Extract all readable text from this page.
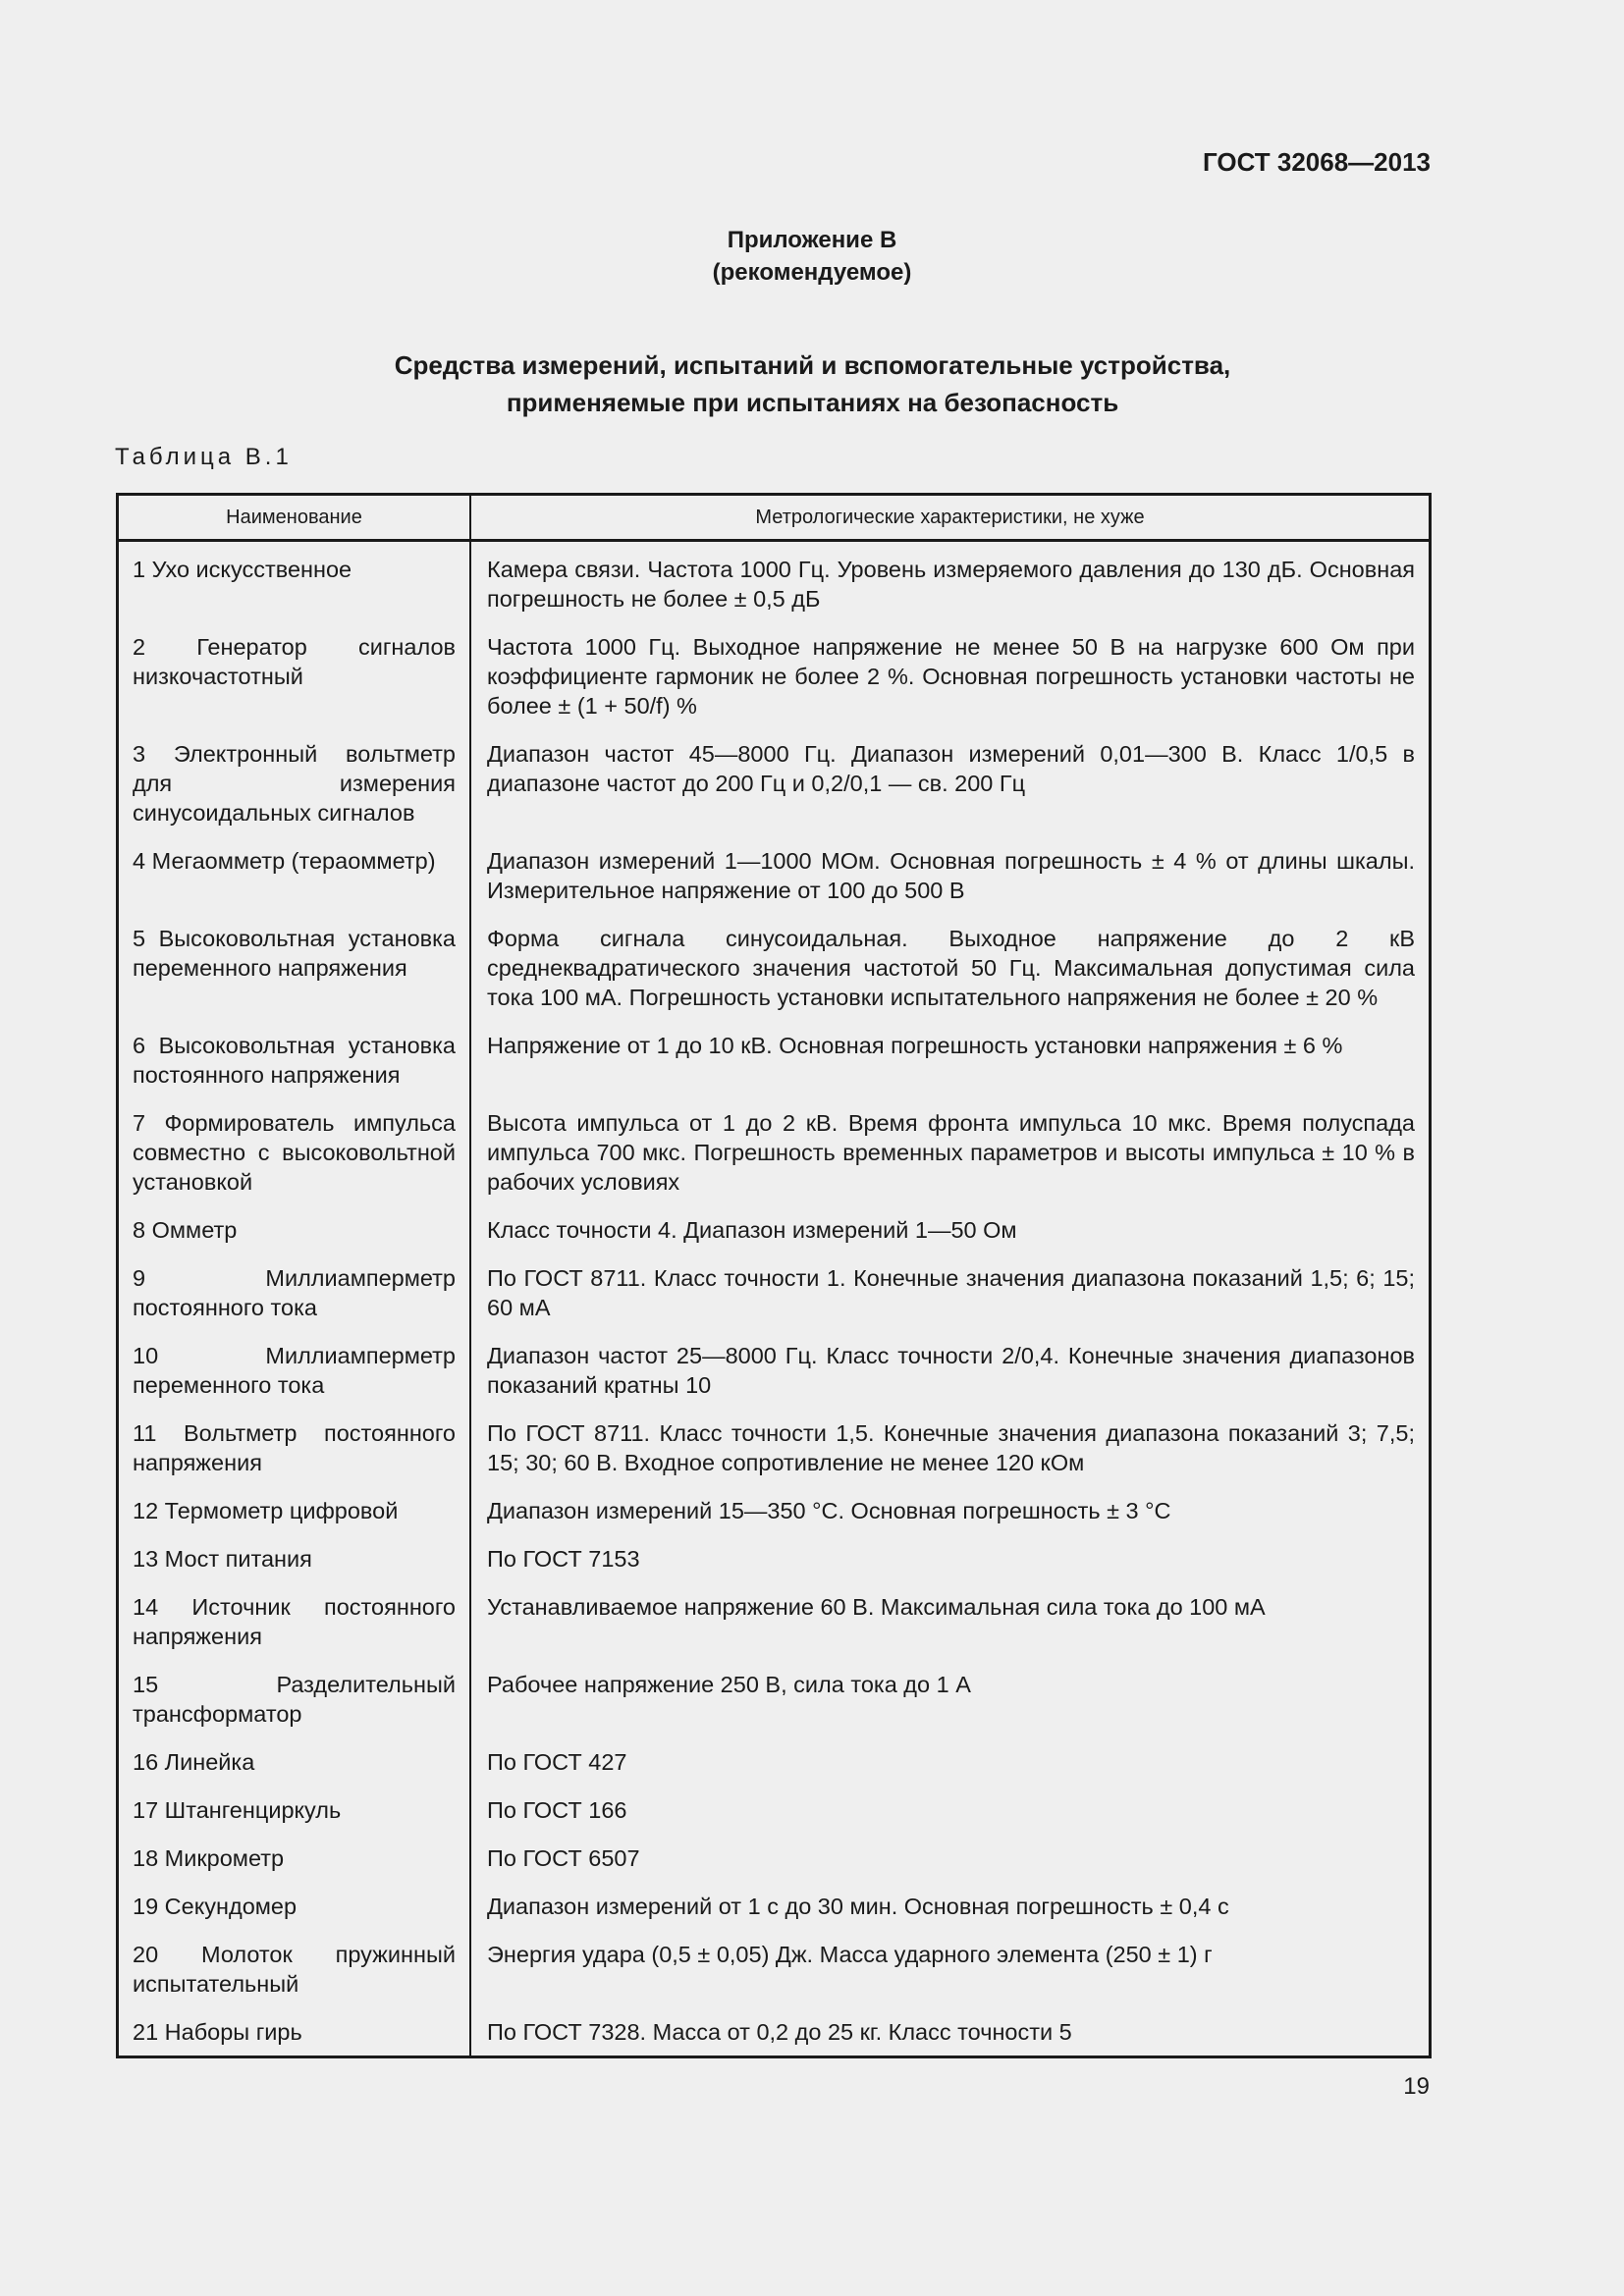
ГОСТ 32068—2013
Приложение В
(рекомендуемое)
Средства измерений, испытаний и вспомогательные устройства,
применяемые при испытаниях на безопасность
Таблица В.1
Наименование	Метрологические характеристики, не хуже
1 Ухо искусственное	Камера связи. Частота 1000 Гц. Уровень измеряемого давления до 130 дБ. Основная погрешность не более ± 0,5 дБ
2 Генератор сигналов низкочастотный	Частота 1000 Гц. Выходное напряжение не менее 50 В на нагрузке 600 Ом при коэффициенте гармоник не более 2 %. Основная погрешность установки частоты не более ± (1 + 50/f) %
3 Электронный вольтметр для измерения синусоидальных сигналов	Диапазон частот 45—8000 Гц. Диапазон измерений 0,01—300 В. Класс 1/0,5 в диапазоне частот до 200 Гц и 0,2/0,1 — св. 200 Гц
4 Мегаомметр (тераомметр)	Диапазон измерений 1—1000 МОм. Основная погрешность ± 4 % от длины шкалы. Измерительное напряжение от 100 до 500 В
5 Высоковольтная установка переменного напряжения	Форма сигнала синусоидальная. Выходное напряжение до 2 кВ среднеквадратического значения частотой 50 Гц. Максимальная допустимая сила тока 100 мА. Погрешность установки испытательного напряжения не более ± 20 %
6 Высоковольтная установка постоянного напряжения	Напряжение от 1 до 10 кВ. Основная погрешность установки напряжения ± 6 %
7 Формирователь импульса совместно с высоковольтной установкой	Высота импульса от 1 до 2 кВ. Время фронта импульса 10 мкс. Время полуспада импульса 700 мкс. Погрешность временных параметров и высоты импульса ± 10 % в рабочих условиях
8 Омметр	Класс точности 4. Диапазон измерений 1—50 Ом
9 Миллиамперметр постоянного тока	По ГОСТ 8711. Класс точности 1. Конечные значения диапазона показаний 1,5; 6; 15; 60 мА
10 Миллиамперметр переменного тока	Диапазон частот 25—8000 Гц. Класс точности 2/0,4. Конечные значения диапазонов показаний кратны 10
11 Вольтметр постоянного напряжения	По ГОСТ 8711. Класс точности 1,5. Конечные значения диапазона показаний 3; 7,5; 15; 30; 60 В. Входное сопротивление не менее 120 кОм
12 Термометр цифровой	Диапазон измерений 15—350 °С. Основная погрешность ± 3 °С
13 Мост питания	По ГОСТ 7153
14 Источник постоянного напряжения	Устанавливаемое напряжение 60 В. Максимальная сила тока до 100 мА
15 Разделительный трансформатор	Рабочее напряжение 250 В, сила тока до 1 А
16 Линейка	По ГОСТ 427
17 Штангенциркуль	По ГОСТ 166
18 Микрометр	По ГОСТ 6507
19 Секундомер	Диапазон измерений от 1 с до 30 мин. Основная погрешность ± 0,4 с
20 Молоток пружинный испытательный	Энергия удара (0,5 ± 0,05) Дж. Масса ударного элемента (250 ± 1) г
21 Наборы гирь	По ГОСТ 7328. Масса от 0,2 до 25 кг. Класс точности 5
19
